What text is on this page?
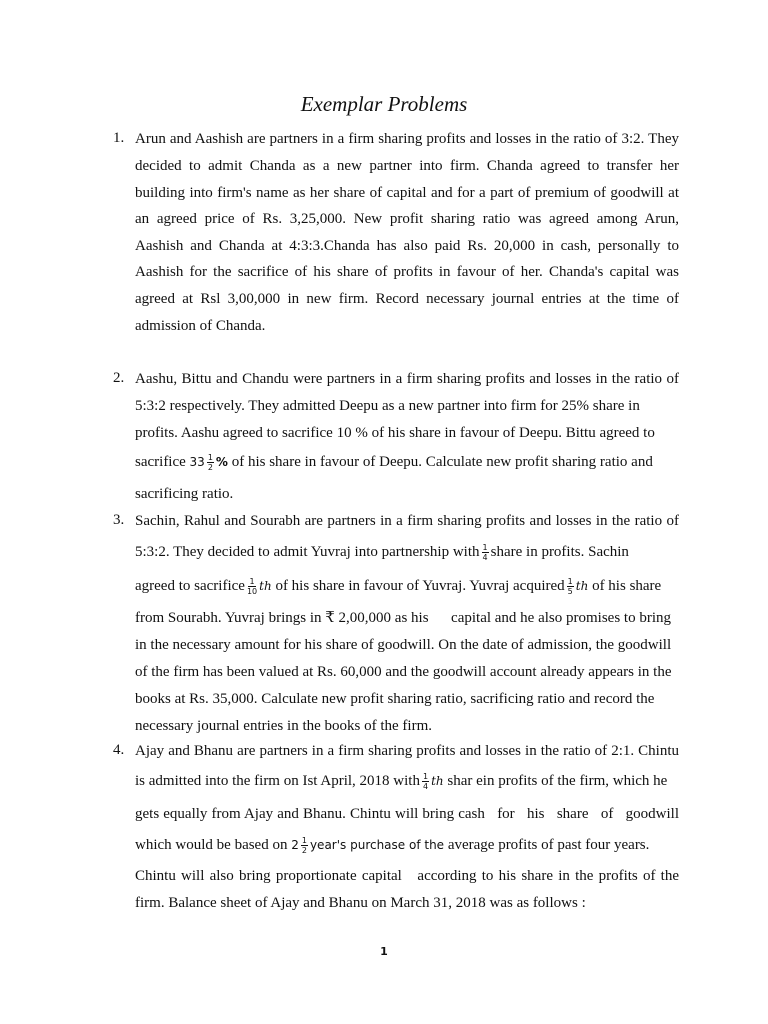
Exemplar Problems
1. Arun and Aashish are partners in a firm sharing profits and losses in the ratio of 3:2. They
decided to admit Chanda as a new partner into firm. Chanda agreed to transfer her
building into firm's name as her share of capital and for a part of premium of goodwill at
an agreed price of Rs. 3,25,000. New profit sharing ratio was agreed among Arun,
Aashish and Chanda at 4:3:3.Chanda has also paid Rs. 20,000 in cash, personally to
Aashish for the sacrifice of his share of profits in favour of her. Chanda's capital was
agreed at Rsl 3,00,000 in new firm. Record necessary journal entries at the time of
admission of Chanda.
2. Aashu, Bittu and Chandu were partners in a firm sharing profits and losses in the ratio of
5:3:2 respectively. They admitted Deepu as a new partner into firm for 25% share in
profits. Aashu agreed to sacrifice 10 % of his share in favour of Deepu. Bittu agreed to
sacrifice $33 \frac{1}{2}$ % of his share in favour of Deepu. Calculate new profit sharing ratio and
sacrificing ratio.
3. Sachin, Rahul and Sourabh are partners in a firm sharing profits and losses in the ratio of
5:3:2. They decided to admit Yuvraj into partnership with $\frac{1}{4}$ share in profits. Sachin
agreed to sacrifice $\frac{1}{10}$ th of his share in favour of Yuvraj. Yuvraj acquired $\frac{1}{5}$ th of his share
from Sourabh. Yuvraj brings in ₹ 2,00,000 as his      capital and he also promises to bring
in the necessary amount for his share of goodwill. On the date of admission, the goodwill
of the firm has been valued at Rs. 60,000 and the goodwill account already appears in the
books at Rs. 35,000. Calculate new profit sharing ratio, sacrificing ratio and record the
necessary journal entries in the books of the firm.
4. Ajay and Bhanu are partners in a firm sharing profits and losses in the ratio of 2:1. Chintu
is admitted into the firm on Ist April, 2018 with $\frac{1}{4}$ th shar ein profits of the firm, which he
gets equally from Ajay and Bhanu. Chintu will bring cash   for   his   share   of   goodwill
which would be based on $2 \frac{1}{2}$ year's purchase of the average profits of past four years.
Chintu will also bring proportionate capital   according to his share in the profits of the
firm. Balance sheet of Ajay and Bhanu on March 31, 2018 was as follows :
1
